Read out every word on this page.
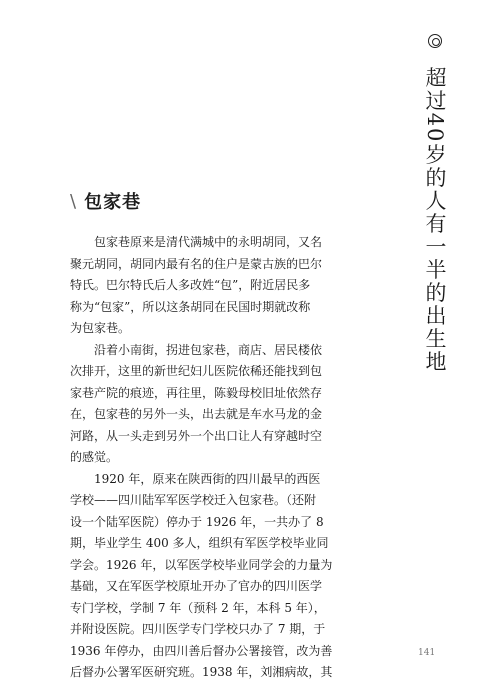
\ 包家巷

包家巷原来是清代满城中的永明胡同，又名
聚元胡同，胡同内最有名的住户是蒙古族的巴尔
特氏。巴尔特氏后人多改姓“包”，附近居民多
称为“包家”，所以这条胡同在民国时期就改称
为包家巷。

沿着小南街，拐进包家巷，商店、居民楼依
次排开，这里的新世纪妇儿医院依稀还能找到包
家巷产院的痕迹，再往里，陈毅母校旧址依然存
在，包家巷的另外一头，出去就是车水马龙的金
河路，从一头走到另外一个出口让人有穿越时空
的感觉。

1920 年，原来在陕西街的四川最早的西医
学校——四川陆军军医学校迁入包家巷。（还附
设一个陆军医院）停办于 1926 年，一共办了 8
期，毕业学生 400 多人，组织有军医学校毕业同
学会。1926 年，以军医学校毕业同学会的力量为
基础，又在军医学校原址开办了官办的四川医学
专门学校，学制 7 年（预科 2 年，本科 5 年），
并附设医院。四川医学专门学校只办了 7 期，于
1936 年停办，由四川善后督办公署接管，改为善
后督办公署军医研究班。1938 年，刘湘病故，其

超过40岁的人有一半的出生地
141
